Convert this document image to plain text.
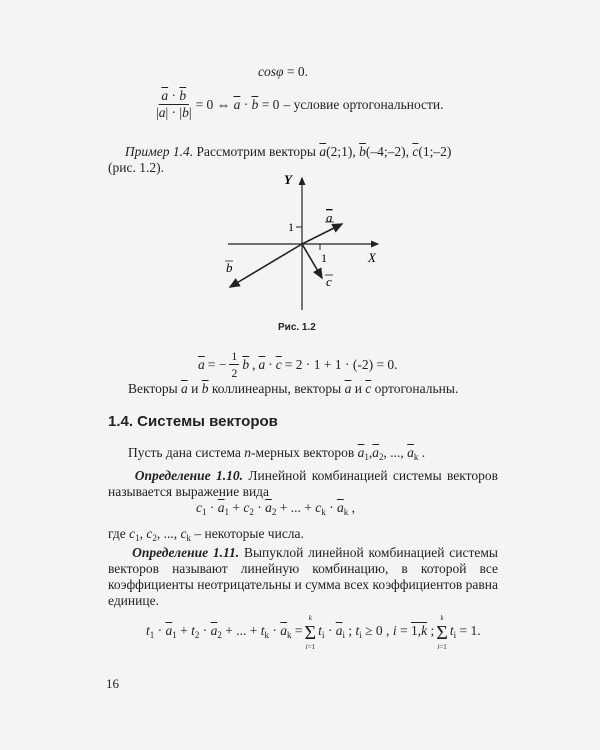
cosφ = 0.
$\frac{\overline{a} \cdot \overline{b}}{|\overline{a}| \cdot |\overline{b}|} = 0$ ⇔ $\overline{a} \cdot \overline{b} = 0$ – условие ортогональности.
Пример 1.4. Рассмотрим векторы $\overline{a}(2;1)$, $\overline{b}(-4;-2)$, $\overline{c}(1;-2)$
(рис. 1.2).
Y
X
1
1
a
b
c
Рис. 1.2
$\overline{a}$ = − $\frac{1}{2} \overline{b}$ , $\overline{a} \cdot \overline{c} = 2 \cdot 1 + 1 \cdot (-2) = 0$.
Векторы $\overline{a}$ и $\overline{b}$ коллинеарны, векторы $\overline{a}$ и $\overline{c}$ ортогональны.
1.4. Системы векторов
Пусть дана система n-мерных векторов $\overline{a}_1,\overline{a}_2$, ..., $\overline{a}_k$ .
Определение 1.10. Линейной комбинацией системы векторов называется выражение вида
$c_1 \cdot \overline{a}_1 + c_2 \cdot \overline{a}_2$ + ... + $c_k \cdot \overline{a}_k$ ,
где $c_1$, $c_2$, ..., $c_k$ – некоторые числа.
Определение 1.11. Выпуклой линейной комбинацией системы векторов называют линейную комбинацию, в которой все коэффициенты неотрицательны и сумма всех коэффициентов равна единице.
$t_1 \cdot \overline{a}_1 + t_2 \cdot \overline{a}_2$ + ... + $t_k \cdot \overline{a}_k$ =
k
Σ
i=1
$t_i \cdot \overline{a}_i$ ; $t_i \ge 0$ , i = 1,k ;
k
Σ
i=1
$t_i = 1$.
16
